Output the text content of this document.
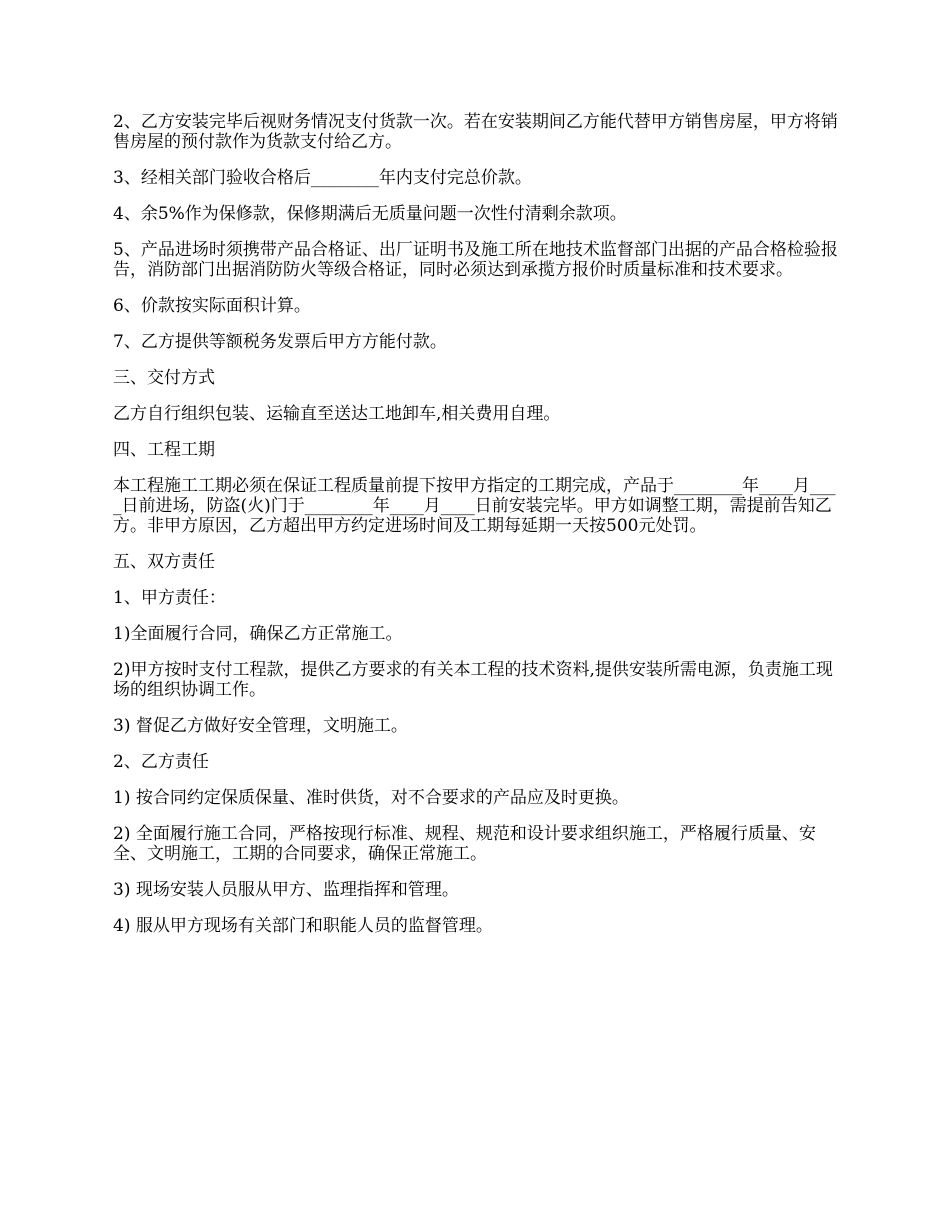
2、乙方安装完毕后视财务情况支付货款一次。若在安装期间乙方能代替甲方销售房屋，甲方将销售房屋的预付款作为货款支付给乙方。

3、经相关部门验收合格后________年内支付完总价款。

4、余5%作为保修款，保修期满后无质量问题一次性付清剩余款项。

5、产品进场时须携带产品合格证、出厂证明书及施工所在地技术监督部门出据的产品合格检验报告，消防部门出据消防防火等级合格证，同时必须达到承揽方报价时质量标准和技术要求。

6、价款按实际面积计算。

7、乙方提供等额税务发票后甲方方能付款。

三、交付方式

乙方自行组织包装、运输直至送达工地卸车,相关费用自理。

四、工程工期

本工程施工工期必须在保证工程质量前提下按甲方指定的工期完成，产品于________年____月____日前进场，防盗(火)门于________年____月____日前安装完毕。甲方如调整工期，需提前告知乙方。非甲方原因，乙方超出甲方约定进场时间及工期每延期一天按500元处罚。

五、双方责任

1、甲方责任：

1)全面履行合同，确保乙方正常施工。

2)甲方按时支付工程款，提供乙方要求的有关本工程的技术资料,提供安装所需电源，负责施工现场的组织协调工作。

3) 督促乙方做好安全管理，文明施工。

2、乙方责任

1) 按合同约定保质保量、准时供货，对不合要求的产品应及时更换。

2) 全面履行施工合同，严格按现行标准、规程、规范和设计要求组织施工，严格履行质量、安全、文明施工，工期的合同要求，确保正常施工。

3) 现场安装人员服从甲方、监理指挥和管理。

4) 服从甲方现场有关部门和职能人员的监督管理。
